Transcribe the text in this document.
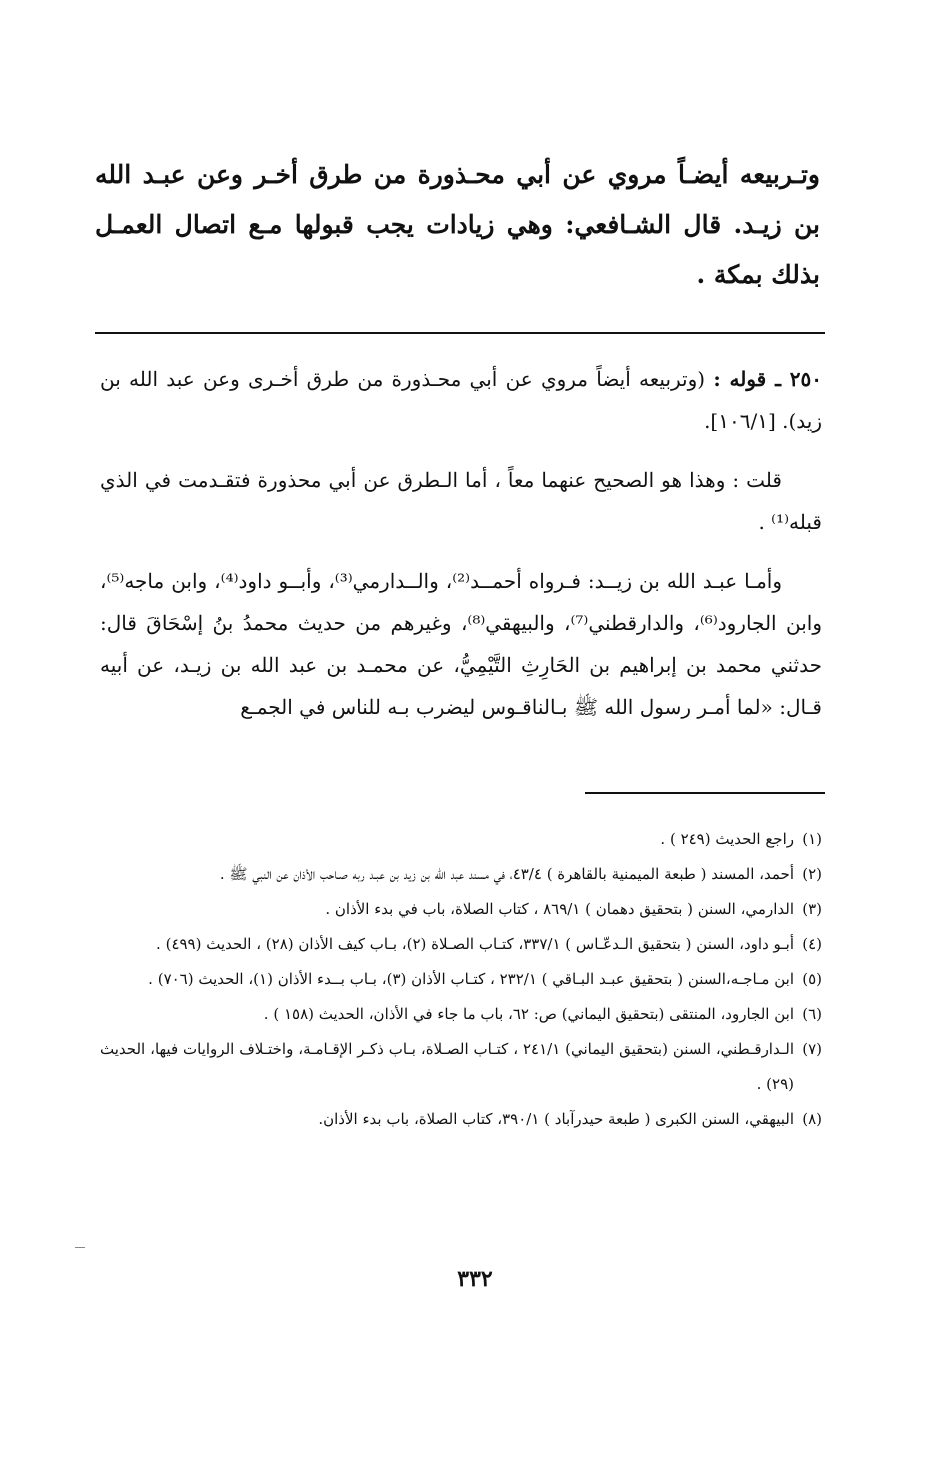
وتـربيعه أيضـاً مروي عن أبي محـذورة من طرق أخـر وعن عبـد الله بن زيـد. قال الشـافعي: وهي زيادات يجب قبولها مـع اتصال العمـل بذلك بمكة .

٢٥٠ ـ قوله : (وتربيعه أيضاً مروي عن أبي محـذورة من طرق أخـرى وعن عبد الله بن زيد). [١٠٦/١].

قلت : وهذا هو الصحيح عنهما معاً ، أما الـطرق عن أبي محذورة فتقـدمت في الذي قبله⁽¹⁾ .

وأمـا عبـد الله بن زيــد: فـرواه أحمــد⁽²⁾، والــدارمي⁽³⁾، وأبــو داود⁽⁴⁾، وابن ماجه⁽⁵⁾، وابن الجارود⁽⁶⁾، والدارقطني⁽⁷⁾، والبيهقي⁽⁸⁾، وغيرهم من حديث محمدُ بنُ إسْحَاقَ قال: حدثني محمد بن إبراهيم بن الحَارِثِ التَّيْمِيُّ، عن محمـد بن عبد الله بن زيـد، عن أبيه قـال: «لما أمـر رسول الله ﷺ بـالناقـوس ليضرب بـه للناس في الجمـع

(١)راجع الحديث (٢٤٩ ) .

(٢)أحمد، المسند ( طبعة الميمنية بالقاهرة ) ٤٣/٤، في مسند عبد الله بن زيد بن عبـد ربه صـاحب الأذان عن النبي ﷺ .

(٣)الدارمي، السنن ( بتحقيق دهمان ) ٨٦٩/١ ، كتاب الصلاة، باب في بدء الأذان .

(٤)أبـو داود، السنن ( بتحقيق الـدعّـاس ) ٣٣٧/١، كتـاب الصـلاة (٢)، بـاب كيف الأذان (٢٨) ، الحديث (٤٩٩) .

(٥)ابن مـاجـه،السنن ( بتحقيق عبـد البـاقي ) ٢٣٢/١ ، كتـاب الأذان (٣)، بـاب بــدء الأذان (١)، الحديث (٧٠٦) .

(٦)ابن الجارود، المنتقى (بتحقيق اليماني) ص: ٦٢، باب ما جاء في الأذان، الحديث (١٥٨ ) .

(٧)الـدارقـطني، السنن (بتحقيق اليماني) ٢٤١/١ ، كتـاب الصـلاة، بـاب ذكـر الإقـامـة، واختـلاف الروايات فيها، الحديث (٢٩) .

(٨)البيهقي، السنن الكبرى ( طبعة حيدرآباد ) ٣٩٠/١، كتاب الصلاة، باب بدء الأذان.

٣٣٢
